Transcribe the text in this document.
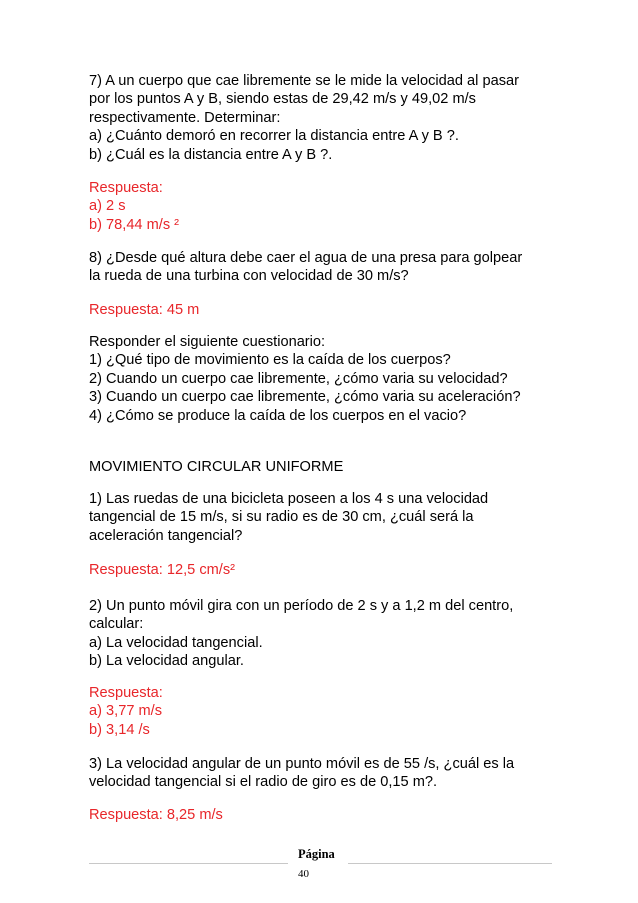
7) A un cuerpo que cae libremente se le mide la velocidad al pasar
por los puntos A y B, siendo estas de 29,42 m/s y 49,02 m/s
respectivamente. Determinar:
a) ¿Cuánto demoró en recorrer la distancia entre A y B ?.
b) ¿Cuál es la distancia entre A y B ?.
Respuesta:
a) 2 s
b) 78,44 m/s ²
8) ¿Desde qué altura debe caer el agua de una presa para golpear
la rueda de una turbina con velocidad de 30 m/s?
Respuesta: 45 m
Responder el siguiente cuestionario:
1) ¿Qué tipo de movimiento es la caída de los cuerpos?
2) Cuando un cuerpo cae libremente, ¿cómo varia su velocidad?
3) Cuando un cuerpo cae libremente, ¿cómo varia su aceleración?
4) ¿Cómo se produce la caída de los cuerpos en el vacio?
MOVIMIENTO CIRCULAR UNIFORME
1) Las ruedas de una bicicleta poseen a los 4 s una velocidad
tangencial de 15 m/s, si su radio es de 30 cm, ¿cuál será la
aceleración tangencial?
Respuesta: 12,5 cm/s²
2) Un punto móvil gira con un período de 2 s y a 1,2 m del centro,
calcular:
a) La velocidad tangencial.
b) La velocidad angular.
Respuesta:
a) 3,77 m/s
b) 3,14 /s
3) La velocidad angular de un punto móvil es de 55 /s, ¿cuál es la
velocidad tangencial si el radio de giro es de 0,15 m?.
Respuesta: 8,25 m/s
Página
40
